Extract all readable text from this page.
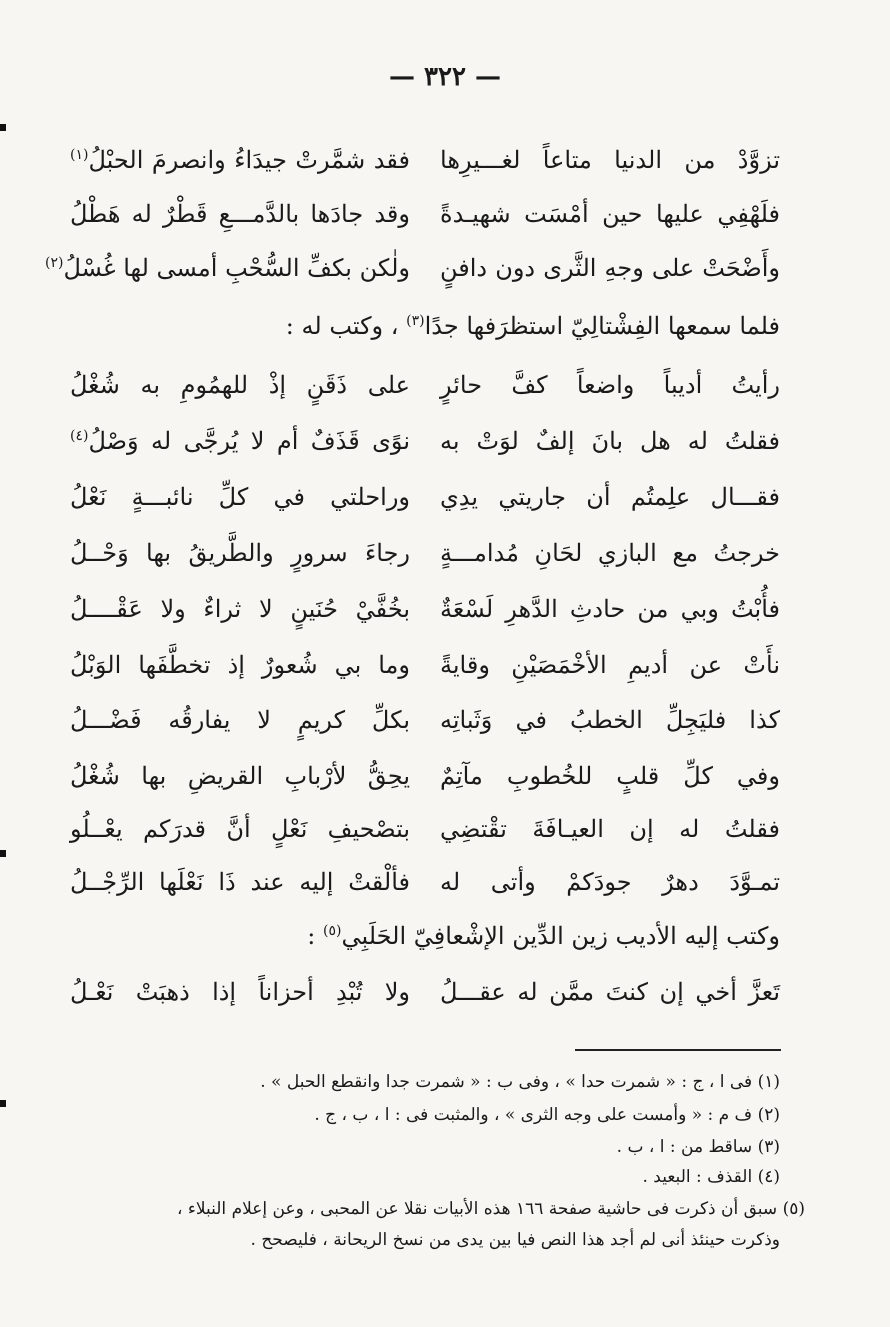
— ٣٢٢ —
تزوَّدْ من الدنيا متاعاً لغـــيرِها
فقد شمَّرتْ جيدَاءُ وانصرمَ الحبْلُ$^{(١)}$
فلَهْفِي عليها حين أمْسَت شهيـدةً
وقد جادَها بالدَّمـــعِ قَطْرٌ له هَطْلُ
وأَضْحَتْ على وجهِ الثَّرى دون دافنٍ
ولٰكن بكفِّ السُّحْبِ أمسى لها غُسْلُ$^{(٢)}$
فلما سمعها الفِشْتالِيّ استظرَفها جدًا$^{(٣)}$ ، وكتب له :
رأيتُ أديباً واضعاً كفَّ حائرٍ
على ذَقَنٍ إذْ للهمُومِ به شُغْلُ
فقلتُ له هل بانَ إلفٌ لوَتْ به
نوًى قَذَفٌ أم لا يُرجَّى له وَصْلُ$^{(٤)}$
فقـــال علِمتُم أن جاريتي يدِي
وراحلتي في كلِّ نائبـــةٍ نَعْلُ
خرجتُ مع البازي لحَانِ مُدامـــةٍ
رجاءَ سرورٍ والطَّريقُ بها وَحْــلُ
فأُبْتُ وبي من حادثِ الدَّهرِ لَسْعَةٌ
بخُفَّيْ حُنَينٍ لا ثراءٌ ولا عَقْــــلُ
نأَتْ عن أديمِ الأخْمَصَيْنِ وقايةً
وما بي شُعورٌ إذ تخطَّفَها الوَبْلُ
كذا فليَجِلِّ الخطبُ في وَثَباتِه
بكلِّ كريمٍ لا يفارقُه فَضْـــلُ
وفي كلِّ قلبٍ للخُطوبِ مآتِمٌ
يحِقُّ لأرْبابِ القريضِ بها شُغْلُ
فقلتُ له إن العيـافَةَ تقْتضِي
بتصْحيفِ نَعْلٍ أنَّ قدرَكم يعْــلُو
تمـوَّدَ دهرٌ جودَكمْ وأتى له
فألْقتْ إليه عند ذَا نَعْلَها الرِّجْــلُ
وكتب إليه الأديب زين الدِّين الإشْعافِيّ الحَلَبِي$^{(٥)}$ :
تَعزَّ أخي إن كنتَ ممَّن له عقـــلُ
ولا تُبْدِ أحزاناً إذا ذهبَتْ نَعْـلُ
(١) فى ا ، ج : « شمرت حدا » ، وفى ب : « شمرت جدا وانقطع الحبل » .
(٢) ف م : « وأمست على وجه الثرى » ، والمثبت فى : ا ، ب ، ج .
(٣) ساقط من : ا ، ب .
(٤) القذف : البعيد .
(٥) سبق أن ذكرت فى حاشية صفحة ١٦٦ هذه الأبيات نقلا عن المحبى ، وعن إعلام النبلاء ،
وذكرت حينئذ أنى لم أجد هذا النص فيا بين يدى من نسخ الريحانة ، فليصحح .
